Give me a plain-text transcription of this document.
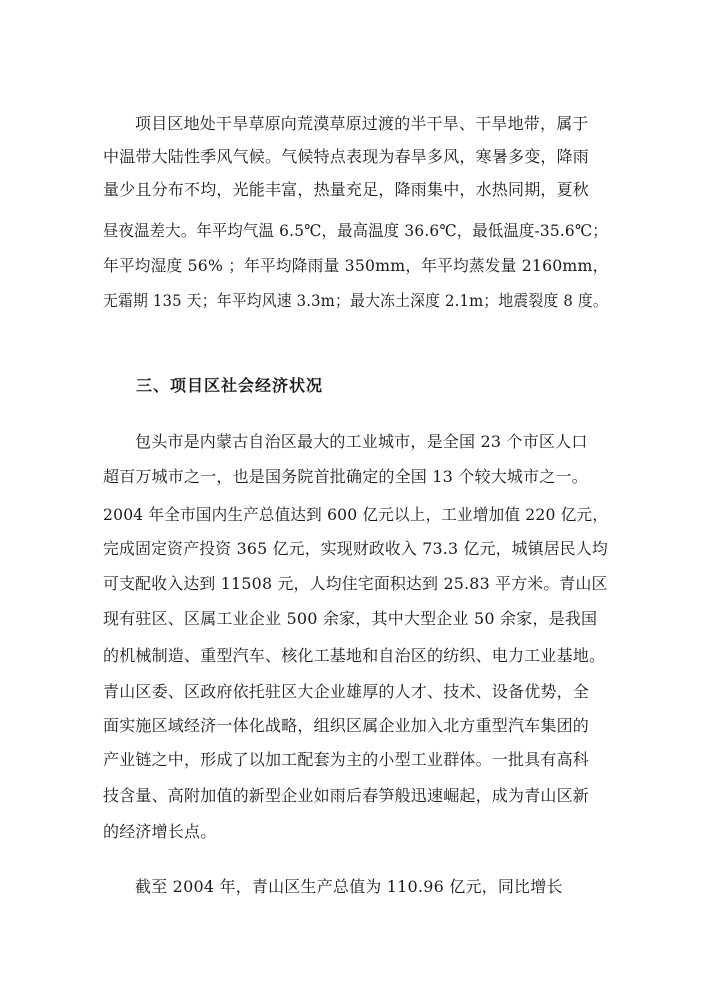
项目区地处干旱草原向荒漠草原过渡的半干旱、干旱地带，属于
中温带大陆性季风气候。气候特点表现为春旱多风，寒暑多变，降雨
量少且分布不均，光能丰富，热量充足，降雨集中，水热同期，夏秋
昼夜温差大。年平均气温 6.5℃，最高温度 36.6℃，最低温度-35.6℃；
年平均湿度 56% ；年平均降雨量 350mm，年平均蒸发量 2160mm，
无霜期 135 天；年平均风速 3.3m；最大冻土深度 2.1m；地震裂度 8 度。
三、项目区社会经济状况
包头市是内蒙古自治区最大的工业城市，是全国 23 个市区人口
超百万城市之一，也是国务院首批确定的全国 13 个较大城市之一。
2004 年全市国内生产总值达到 600 亿元以上，工业增加值 220 亿元，
完成固定资产投资 365 亿元，实现财政收入 73.3 亿元，城镇居民人均
可支配收入达到 11508 元，人均住宅面积达到 25.83 平方米。青山区
现有驻区、区属工业企业 500 余家，其中大型企业 50 余家，是我国
的机械制造、重型汽车、核化工基地和自治区的纺织、电力工业基地。
青山区委、区政府依托驻区大企业雄厚的人才、技术、设备优势，全
面实施区域经济一体化战略，组织区属企业加入北方重型汽车集团的
产业链之中，形成了以加工配套为主的小型工业群体。一批具有高科
技含量、高附加值的新型企业如雨后春笋般迅速崛起，成为青山区新
的经济增长点。
截至 2004 年，青山区生产总值为 110.96 亿元，同比增长
